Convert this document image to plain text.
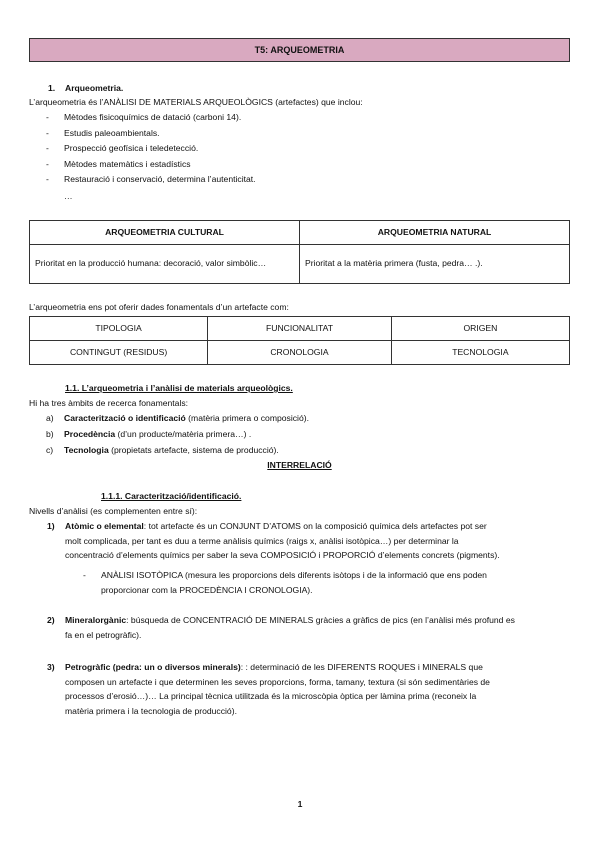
T5: ARQUEOMETRIA
1. Arqueometria.
L’arqueometria és l’ANÀLISI DE MATERIALS ARQUEOLÒGICS (artefactes) que inclou:
- Mètodes fisicoquímics de datació (carboni 14).
- Estudis paleoambientals.
- Prospecció geofísica i teledetecció.
- Mètodes matemàtics i estadístics
- Restauració i conservació, determina l’autenticitat.
…
ARQUEOMETRIA CULTURAL	ARQUEOMETRIA NATURAL
Prioritat en la producció humana: decoració, valor simbòlic…	Prioritat a la matèria primera (fusta, pedra… .).
L’arqueometria ens pot oferir dades fonamentals d’un artefacte com:
TIPOLOGIA	FUNCIONALITAT	ORIGEN
CONTINGUT (RESIDUS)	CRONOLOGIA	TECNOLOGIA
1.1. L’arqueometria i l’anàlisi de materials arqueològics.
Hi ha tres àmbits de recerca fonamentals:
a) Caracterització o identificació (matèria primera o composició).
b) Procedència (d’un producte/matèria primera…) .
c) Tecnologia (propietats artefacte, sistema de producció).
INTERRELACIÓ
1.1.1. Caracterització/identificació.
Nivells d’anàlisi (es complementen entre sí):
1) Atòmic o elemental: tot artefacte és un CONJUNT D’ATOMS on la composició química dels artefactes pot ser
molt complicada, per tant es duu a terme anàlisis químics (raigs x, anàlisi isotòpica…) per determinar la
concentració d’elements químics per saber la seva COMPOSICIÓ i PROPORCIÓ d’elements concrets (pigments).
- ANÀLISI ISOTÒPICA (mesura les proporcions dels diferents isòtops i de la informació que ens poden
proporcionar com la PROCEDÈNCIA I CRONOLOGIA).
2) Mineralorgànic: búsqueda de CONCENTRACIÓ DE MINERALS gràcies a gràfics de pics (en l’anàlisi més profund es
fa en el petrogràfic).
3) Petrogràfic (pedra: un o diversos minerals): : determinació de les DIFERENTS ROQUES i MINERALS que
composen un artefacte i que determinen les seves proporcions, forma, tamany, textura (si són sedimentàries de
processos d’erosió…)… La principal tècnica utilitzada és la microscòpia òptica per làmina prima (reconeix la
matèria primera i la tecnologia de producció).
1
